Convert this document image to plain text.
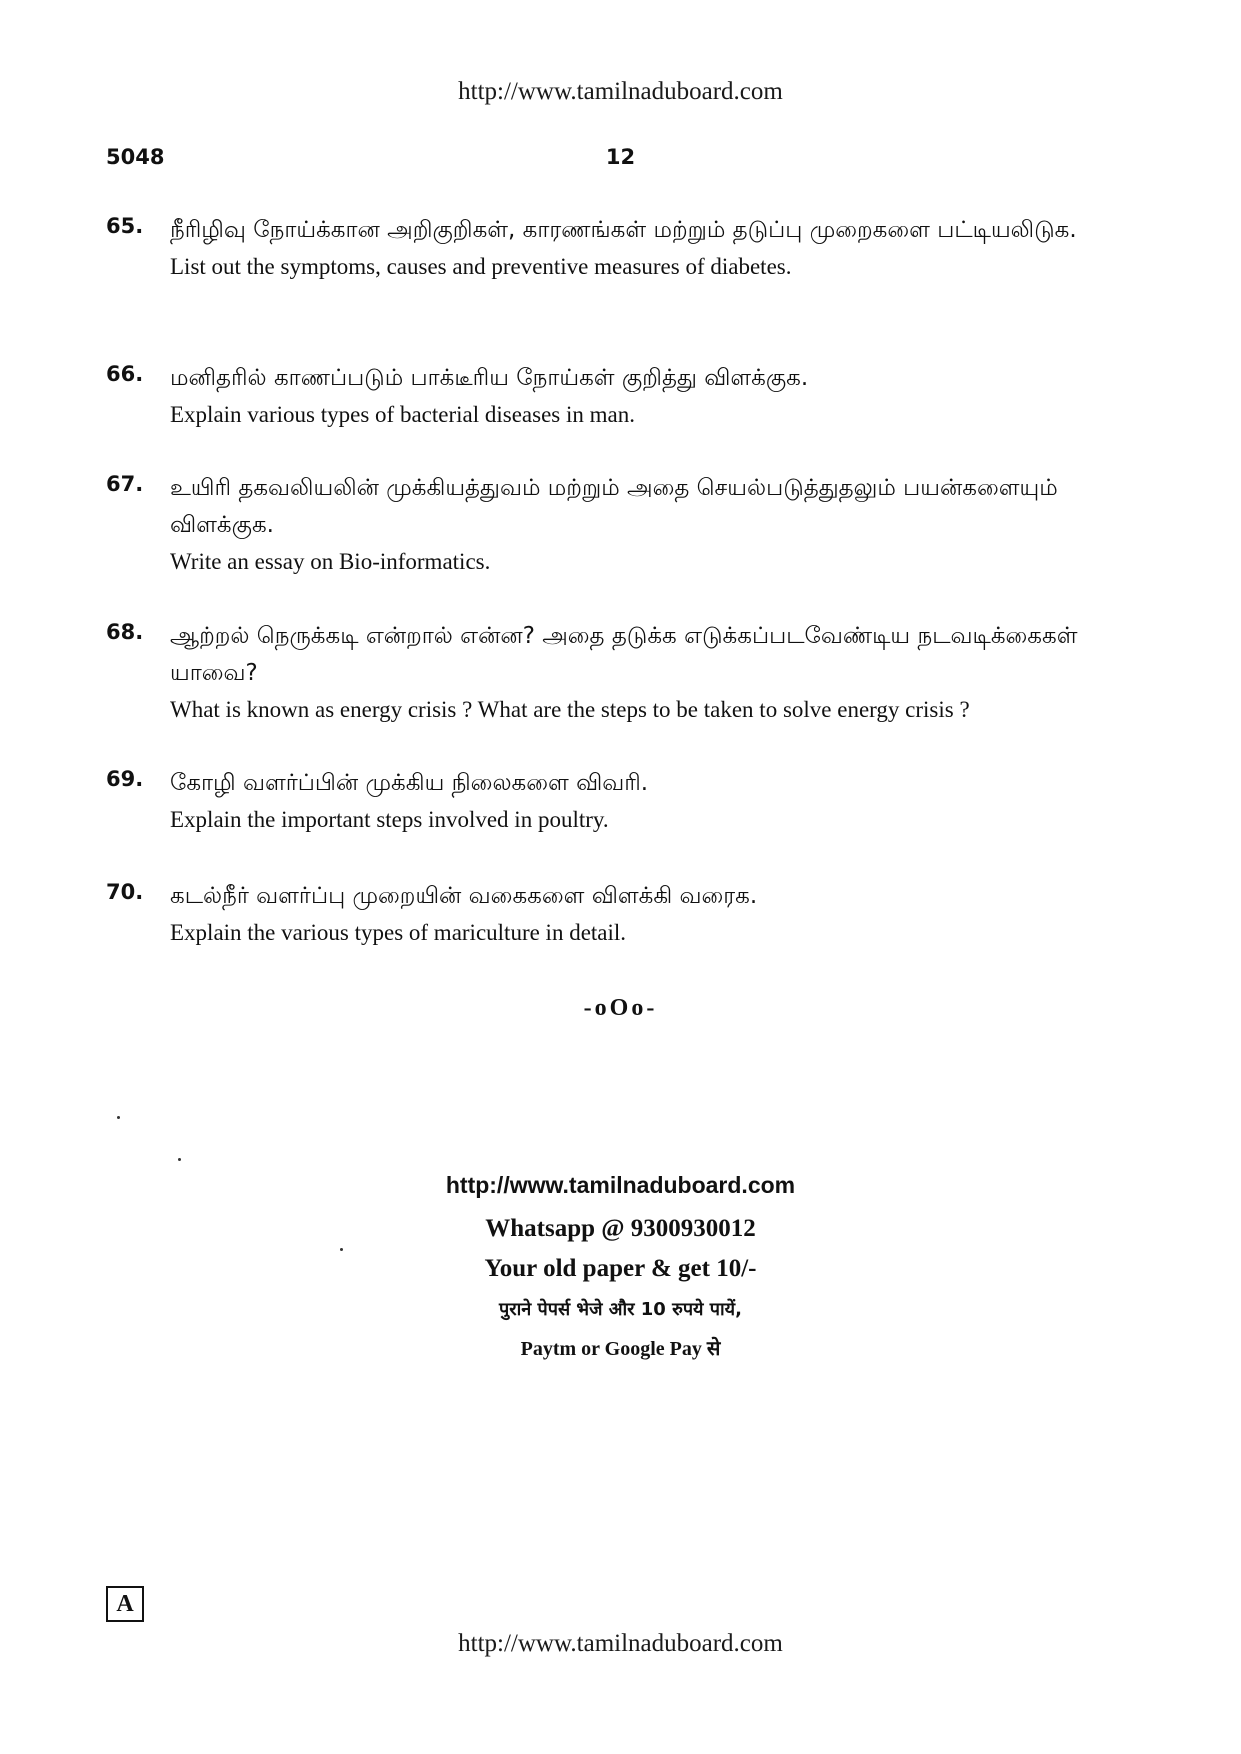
http://www.tamilnaduboard.com
5048	12
65. நீரிழிவு நோய்க்கான அறிகுறிகள், காரணங்கள் மற்றும் தடுப்பு முறைகளை பட்டியலிடுக.
List out the symptoms, causes and preventive measures of diabetes.
66. மனிதரில் காணப்படும் பாக்டீரிய நோய்கள் குறித்து விளக்குக.
Explain various types of bacterial diseases in man.
67. உயிரி தகவலியலின் முக்கியத்துவம் மற்றும் அதை செயல்படுத்துதலும் பயன்களையும் விளக்குக.
Write an essay on Bio-informatics.
68. ஆற்றல் நெருக்கடி என்றால் என்ன? அதை தடுக்க எடுக்கப்படவேண்டிய நடவடிக்கைகள் யாவை?
What is known as energy crisis ? What are the steps to be taken to solve energy crisis ?
69. கோழி வளர்ப்பின் முக்கிய நிலைகளை விவரி.
Explain the important steps involved in poultry.
70. கடல்நீர் வளர்ப்பு முறையின் வகைகளை விளக்கி வரைக.
Explain the various types of mariculture in detail.
-oOo-
http://www.tamilnaduboard.com
Whatsapp @ 9300930012
Your old paper & get 10/-
पुराने पेपर्स भेजे और 10 रुपये पायें,
Paytm or Google Pay से
A
http://www.tamilnaduboard.com
